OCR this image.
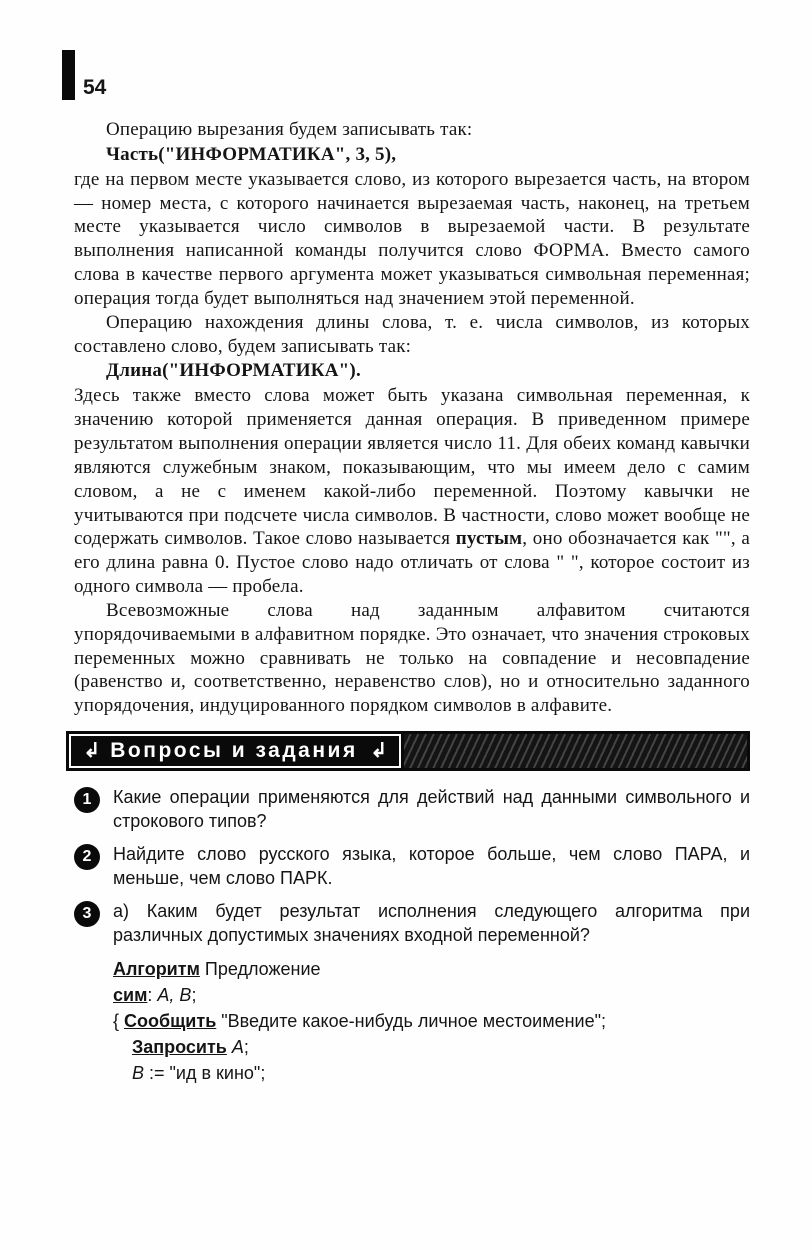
54

Операцию вырезания будем записывать так:

Часть("ИНФОРМАТИКА", 3, 5),

где на первом месте указывается слово, из которого вырезается часть, на втором — номер места, с которого начинается вырезаемая часть, наконец, на третьем месте указывается число символов в вырезаемой части. В результате выполнения написанной команды получится слово ФОРМА. Вместо самого слова в качестве первого аргумента может указываться символьная переменная; операция тогда будет выполняться над значением этой переменной.

Операцию нахождения длины слова, т. е. числа символов, из которых составлено слово, будем записывать так:

Длина("ИНФОРМАТИКА").

Здесь также вместо слова может быть указана символьная переменная, к значению которой применяется данная операция. В приведенном примере результатом выполнения операции является число 11. Для обеих команд кавычки являются служебным знаком, показывающим, что мы имеем дело с самим словом, а не с именем какой-либо переменной. Поэтому кавычки не учитываются при подсчете числа символов. В частности, слово может вообще не содержать символов. Такое слово называется пустым, оно обозначается как "", а его длина равна 0. Пустое слово надо отличать от слова " ", которое состоит из одного символа — пробела.

Всевозможные слова над заданным алфавитом считаются упорядочиваемыми в алфавитном порядке. Это означает, что значения строковых переменных можно сравнивать не только на совпадение и несовпадение (равенство и, соответственно, неравенство слов), но и относительно заданного упорядочения, индуцированного порядком символов в алфавите.

↳ Вопросы и задания ↳
1	Какие операции применяются для действий над данными символьного и строкового типов?
2	Найдите слово русского языка, которое больше, чем слово ПАРА, и меньше, чем слово ПАРК.
3	а) Каким будет результат исполнения следующего алгоритма при различных допустимых значениях входной переменной?
Алгоритм Предложение
сим: А, В;
{ Сообщить "Введите какое-нибудь личное местоимение";
Запросить А;
В := "ид в кино";
